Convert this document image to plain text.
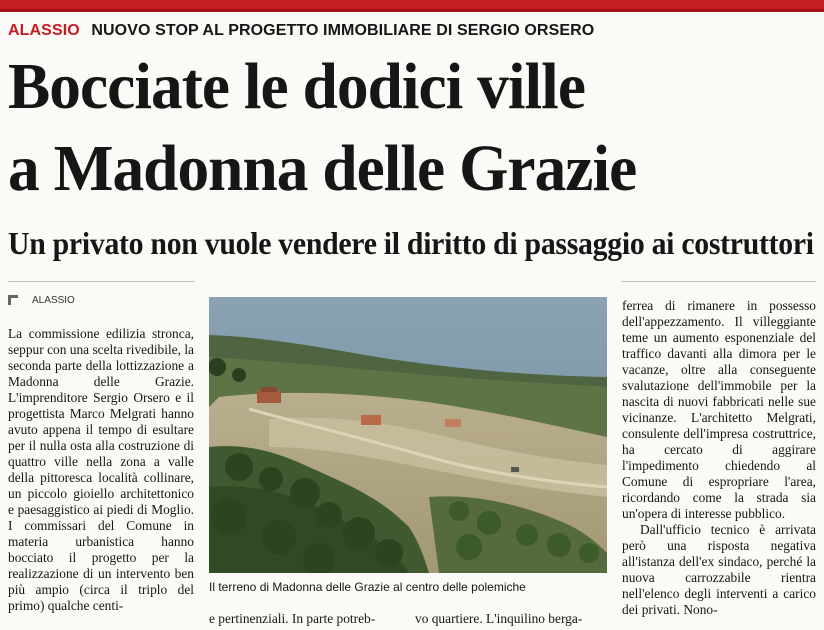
ALASSIO NUOVO STOP AL PROGETTO IMMOBILIARE DI SERGIO ORSERO
Bocciate le dodici ville
a Madonna delle Grazie
Un privato non vuole vendere il diritto di passaggio ai costruttori
ALASSIO

La commissione edilizia stronca, seppur con una scelta rivedibile, la seconda parte della lottizzazione a Madonna delle Grazie. L'imprenditore Sergio Orsero e il progettista Marco Melgrati hanno avuto appena il tempo di esultare per il nulla osta alla costruzione di quattro ville nella zona a valle della pittoresca località collinare, un piccolo gioiello architettonico e paesaggistico ai piedi di Moglio. I commissari del Comune in materia urbanistica hanno bocciato il progetto per la realizzazione di un intervento ben più ampio (circa il triplo del primo) qualche centi-

Il terreno di Madonna delle Grazie al centro delle polemiche

e pertinenziali. In parte potreb-	vo quartiere. L'inquilino berga-

ferrea di rimanere in possesso dell'appezzamento. Il villeggiante teme un aumento esponenziale del traffico davanti alla dimora per le vacanze, oltre alla conseguente svalutazione dell'immobile per la nascita di nuovi fabbricati nelle sue vicinanze. L'architetto Melgrati, consulente dell'impresa costruttrice, ha cercato di aggirare l'impedimento chiedendo al Comune di espropriare l'area, ricordando come la strada sia un'opera di interesse pubblico.

Dall'ufficio tecnico è arrivata però una risposta negativa all'istanza dell'ex sindaco, perché la nuova carrozzabile rientra nell'elenco degli interventi a carico dei privati. Nono-
